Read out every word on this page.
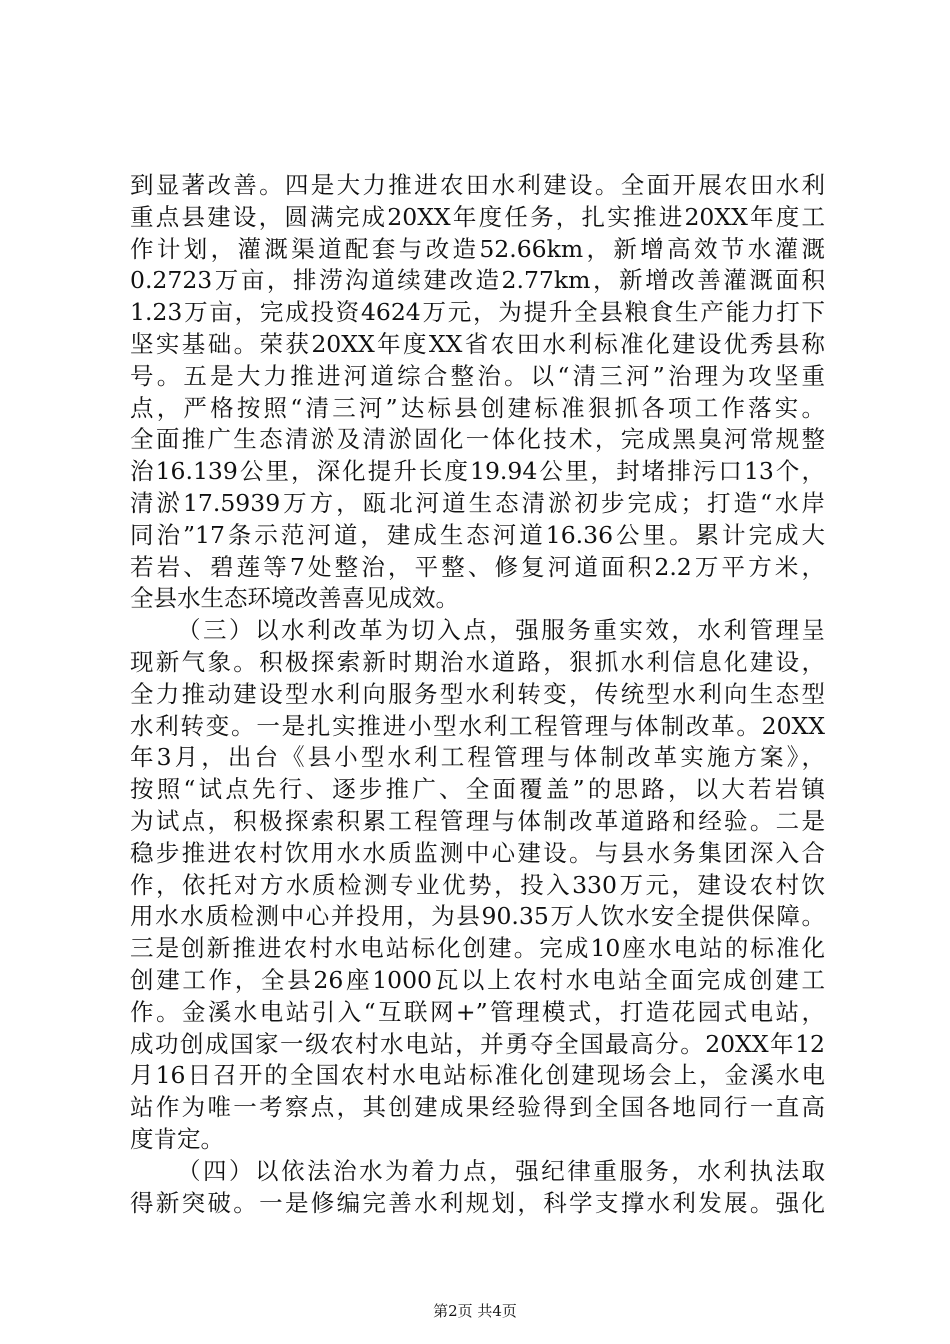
到显著改善。四是大力推进农田水利建设。全面开展农田水利
重点县建设，圆满完成20XX年度任务，扎实推进20XX年度工
作计划，灌溉渠道配套与改造52.66km，新增高效节水灌溉
0.2723万亩，排涝沟道续建改造2.77km，新增改善灌溉面积
1.23万亩，完成投资4624万元，为提升全县粮食生产能力打下
坚实基础。荣获20XX年度XX省农田水利标准化建设优秀县称
号。五是大力推进河道综合整治。以“清三河”治理为攻坚重
点，严格按照“清三河”达标县创建标准狠抓各项工作落实。
全面推广生态清淤及清淤固化一体化技术，完成黑臭河常规整
治16.139公里，深化提升长度19.94公里，封堵排污口13个，
清淤17.5939万方，瓯北河道生态清淤初步完成；打造“水岸
同治”17条示范河道，建成生态河道16.36公里。累计完成大
若岩、碧莲等7处整治，平整、修复河道面积2.2万平方米，
全县水生态环境改善喜见成效。
（三）以水利改革为切入点，强服务重实效，水利管理呈
现新气象。积极探索新时期治水道路，狠抓水利信息化建设，
全力推动建设型水利向服务型水利转变，传统型水利向生态型
水利转变。一是扎实推进小型水利工程管理与体制改革。20XX
年3月，出台《县小型水利工程管理与体制改革实施方案》，
按照“试点先行、逐步推广、全面覆盖”的思路，以大若岩镇
为试点，积极探索积累工程管理与体制改革道路和经验。二是
稳步推进农村饮用水水质监测中心建设。与县水务集团深入合
作，依托对方水质检测专业优势，投入330万元，建设农村饮
用水水质检测中心并投用，为县90.35万人饮水安全提供保障。
三是创新推进农村水电站标化创建。完成10座水电站的标准化
创建工作，全县26座1000瓦以上农村水电站全面完成创建工
作。金溪水电站引入“互联网+”管理模式，打造花园式电站，
成功创成国家一级农村水电站，并勇夺全国最高分。20XX年12
月16日召开的全国农村水电站标准化创建现场会上，金溪水电
站作为唯一考察点，其创建成果经验得到全国各地同行一直高
度肯定。
（四）以依法治水为着力点，强纪律重服务，水利执法取
得新突破。一是修编完善水利规划，科学支撑水利发展。强化
第2页 共4页
